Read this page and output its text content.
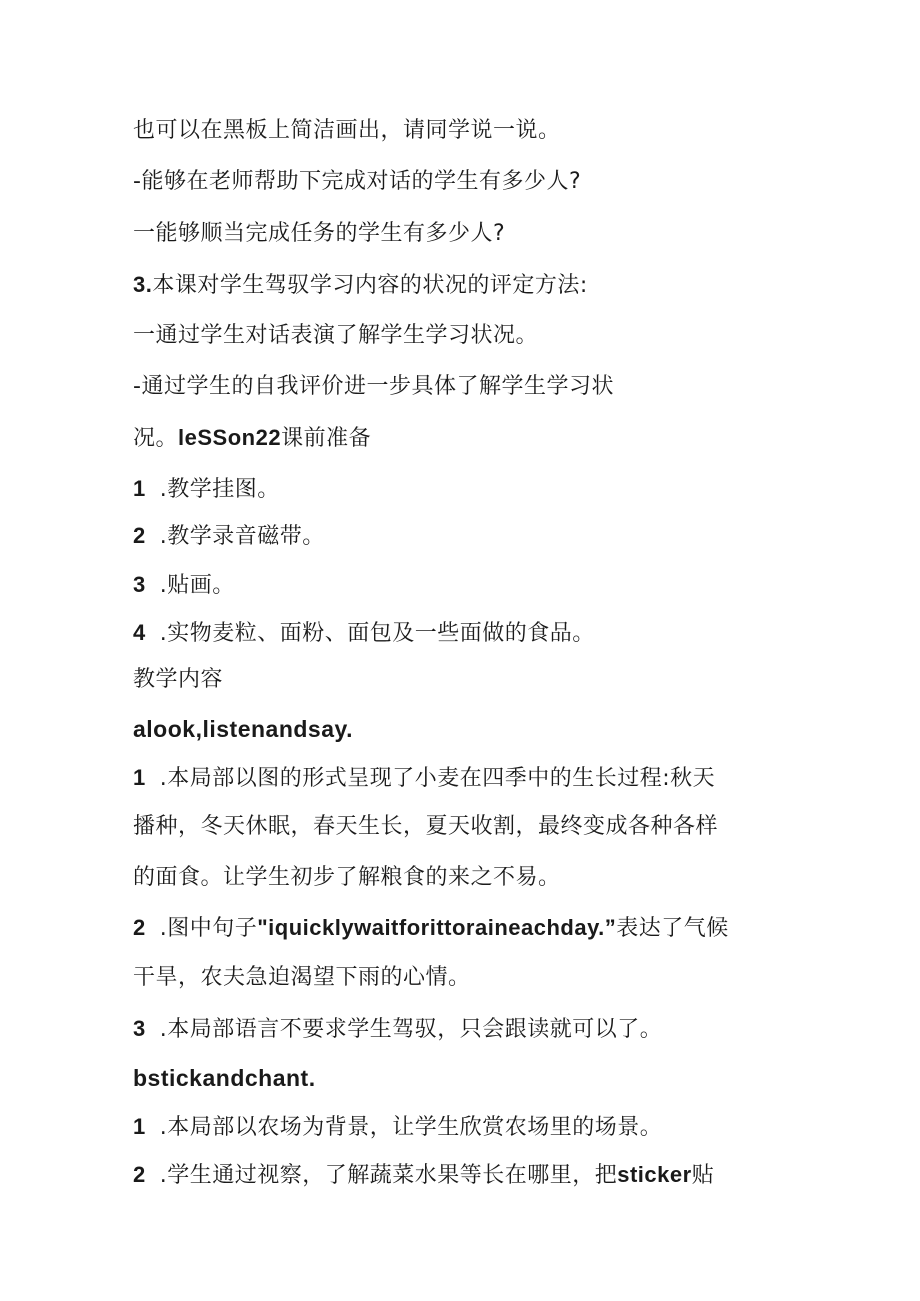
也可以在黑板上简洁画出，请同学说一说。

-能够在老师帮助下完成对话的学生有多少人?

一能够顺当完成任务的学生有多少人?

3.本课对学生驾驭学习内容的状况的评定方法:

一通过学生对话表演了解学生学习状况。

-通过学生的自我评价进一步具体了解学生学习状

况。leSSon22课前准备

1 .教学挂图。

2 .教学录音磁带。

3 .贴画。

4 .实物麦粒、面粉、面包及一些面做的食品。

教学内容

alook,listenandsay.

1 .本局部以图的形式呈现了小麦在四季中的生长过程:秋天

播种，冬天休眠，春天生长，夏天收割，最终变成各种各样

的面食。让学生初步了解粮食的来之不易。

2 .图中句子"iquicklywaitforittoraineachday.”表达了气候

干旱，农夫急迫渴望下雨的心情。

3 .本局部语言不要求学生驾驭，只会跟读就可以了。

bstickandchant.

1 .本局部以农场为背景，让学生欣赏农场里的场景。

2 .学生通过视察，了解蔬菜水果等长在哪里，把sticker贴
